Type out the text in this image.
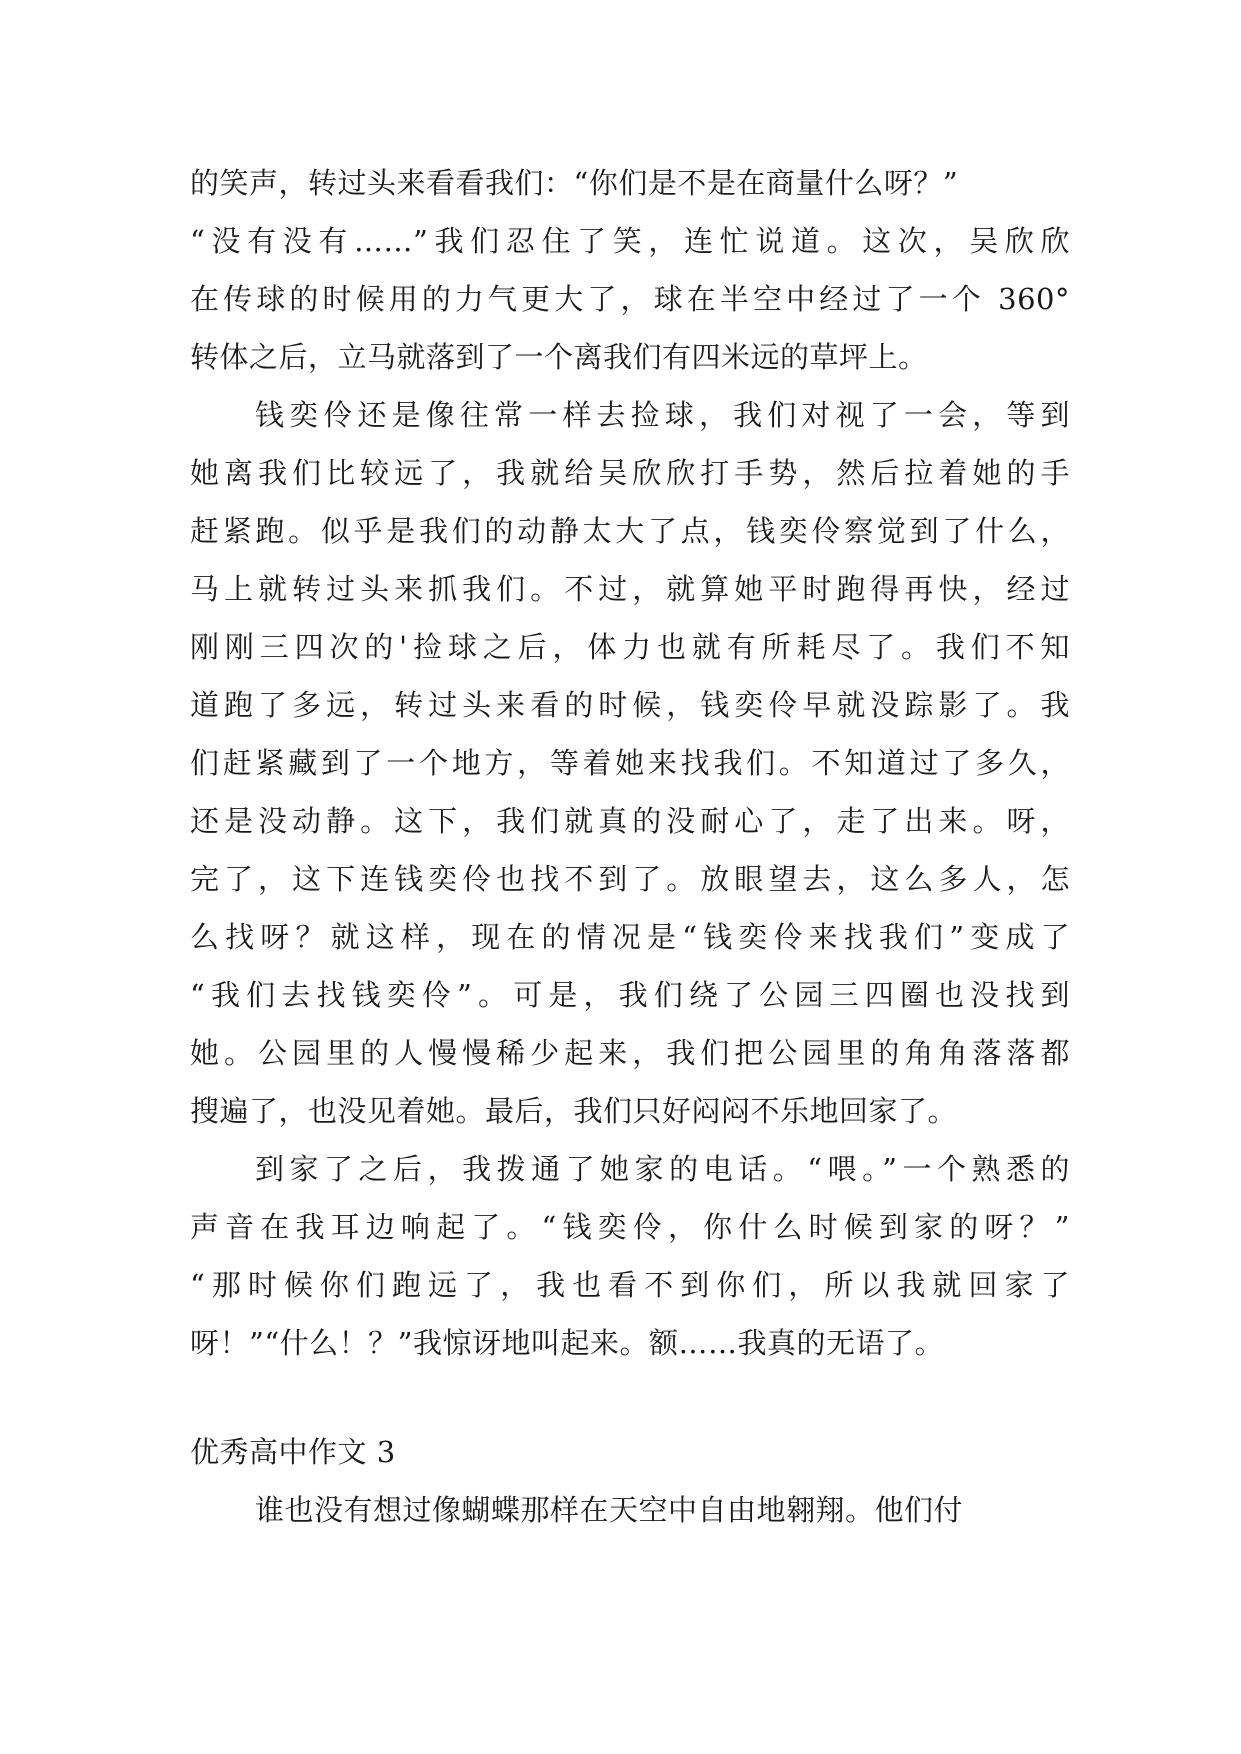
的笑声，转过头来看看我们：“你们是不是在商量什么呀？”
“没有没有……”我们忍住了笑，连忙说道。这次，吴欣欣
在传球的时候用的力气更大了，球在半空中经过了一个 360°
转体之后，立马就落到了一个离我们有四米远的草坪上。
钱奕伶还是像往常一样去捡球，我们对视了一会，等到
她离我们比较远了，我就给吴欣欣打手势，然后拉着她的手
赶紧跑。似乎是我们的动静太大了点，钱奕伶察觉到了什么，
马上就转过头来抓我们。不过，就算她平时跑得再快，经过
刚刚三四次的'捡球之后，体力也就有所耗尽了。我们不知
道跑了多远，转过头来看的时候，钱奕伶早就没踪影了。我
们赶紧藏到了一个地方，等着她来找我们。不知道过了多久，
还是没动静。这下，我们就真的没耐心了，走了出来。呀，
完了，这下连钱奕伶也找不到了。放眼望去，这么多人，怎
么找呀？就这样，现在的情况是“钱奕伶来找我们”变成了
“我们去找钱奕伶”。可是，我们绕了公园三四圈也没找到
她。公园里的人慢慢稀少起来，我们把公园里的角角落落都
搜遍了，也没见着她。最后，我们只好闷闷不乐地回家了。
到家了之后，我拨通了她家的电话。“喂。”一个熟悉的
声音在我耳边响起了。“钱奕伶，你什么时候到家的呀？”
“那时候你们跑远了，我也看不到你们，所以我就回家了
呀！”“什么！？”我惊讶地叫起来。额……我真的无语了。
优秀高中作文 3
谁也没有想过像蝴蝶那样在天空中自由地翱翔。他们付
